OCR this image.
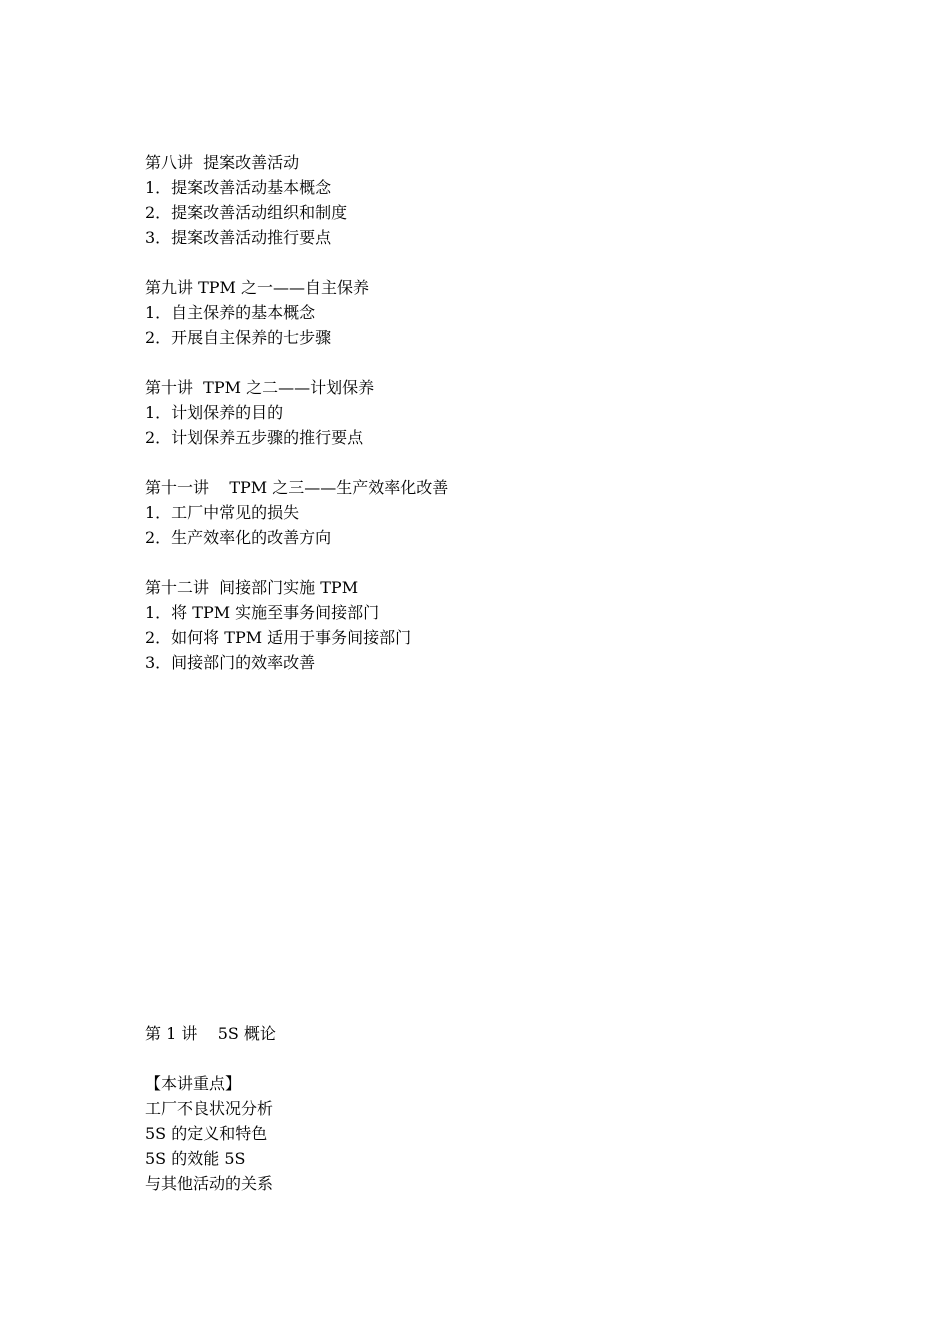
第八讲  提案改善活动
1．提案改善活动基本概念
2．提案改善活动组织和制度
3．提案改善活动推行要点
第九讲 TPM 之一——自主保养
1．自主保养的基本概念
2．开展自主保养的七步骤
第十讲  TPM 之二——计划保养
1．计划保养的目的
2．计划保养五步骤的推行要点
第十一讲    TPM 之三——生产效率化改善
1．工厂中常见的损失
2．生产效率化的改善方向
第十二讲  间接部门实施 TPM
1．将 TPM 实施至事务间接部门
2．如何将 TPM 适用于事务间接部门
3．间接部门的效率改善
第 1 讲    5S 概论
【本讲重点】
工厂不良状况分析
5S 的定义和特色
5S 的效能 5S
与其他活动的关系
